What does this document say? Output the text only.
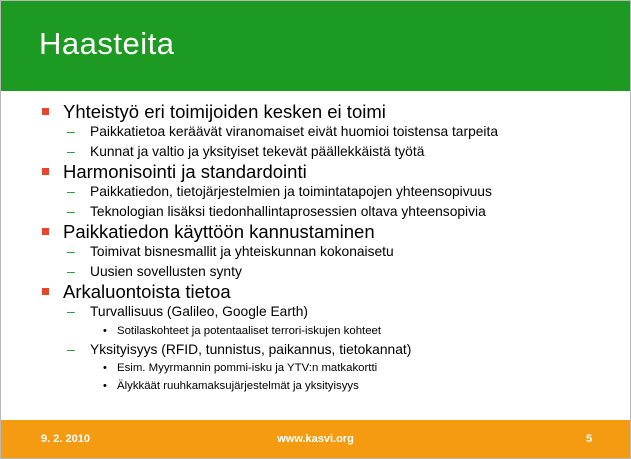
Haasteita
Yhteistyö eri toimijoiden kesken ei toimi
– Paikkatietoa keräävät viranomaiset eivät huomioi toistensa tarpeita
– Kunnat ja valtio ja yksityiset tekevät päällekkäistä työtä
Harmonisointi ja standardointi
– Paikkatiedon, tietojärjestelmien ja toimintatapojen yhteensopivuus
– Teknologian lisäksi tiedonhallintaprosessien oltava yhteensopivia
Paikkatiedon käyttöön kannustaminen
– Toimivat bisnesmallit ja yhteiskunnan kokonaisetu
– Uusien sovellusten synty
Arkaluontoista tietoa
– Turvallisuus (Galileo, Google Earth)
• Sotilaskohteet ja potentaaliset terrori-iskujen kohteet
– Yksityisyys (RFID, tunnistus, paikannus, tietokannat)
• Esim. Myyrmannin pommi-isku ja YTV:n matkakortti
• Älykkäät ruuhkamaksujärjestelmät ja yksityisyys
9. 2. 2010	www.kasvi.org	5
